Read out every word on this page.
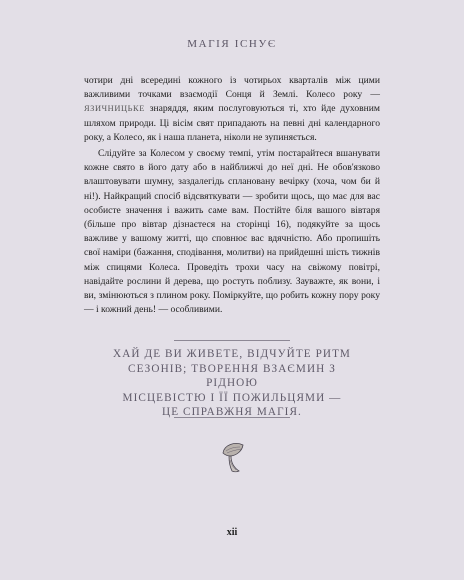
МАГІЯ ІСНУЄ

чотири дні всередині кожного із чотирьох кварталів між цими важливими точками взаємодії Сонця й Землі. Колесо року — ЯЗИЧНИЦЬКЕ знаряддя, яким послуговуються ті, хто йде духовним шляхом природи. Ці вісім свят припадають на певні дні календарного року, а Колесо, як і наша планета, ніколи не зупиняється.

Слідуйте за Колесом у своєму темпі, утім постарайтеся вшанувати кожне свято в його дату або в найближчі до неї дні. Не обов'язково влаштовувати шумну, заздалегідь сплановану вечірку (хоча, чом би й ні!). Найкращий спосіб відсвяткувати — зробити щось, що має для вас особисте значення і важить саме вам. Постійте біля вашого вівтаря (більше про вівтар дізнаєтеся на сторінці 16), подякуйте за щось важливе у вашому житті, що сповнює вас вдячністю. Або пропишіть свої наміри (бажання, сподівання, молитви) на прийдешні шість тижнів між спицями Колеса. Проведіть трохи часу на свіжому повітрі, навідайте рослини й дерева, що ростуть поблизу. Зауважте, як вони, і ви, змінюються з плином року. Поміркуйте, що робить кожну пору року — і кожний день! — особливими.

ХАЙ ДЕ ВИ ЖИВЕТЕ, ВІДЧУЙТЕ РИТМ
СЕЗОНІВ; ТВОРЕННЯ ВЗАЄМИН З РІДНОЮ
МІСЦЕВІСТЮ І ЇЇ ПОЖИЛЬЦЯМИ —
ЦЕ СПРАВЖНЯ МАГІЯ.
xii
